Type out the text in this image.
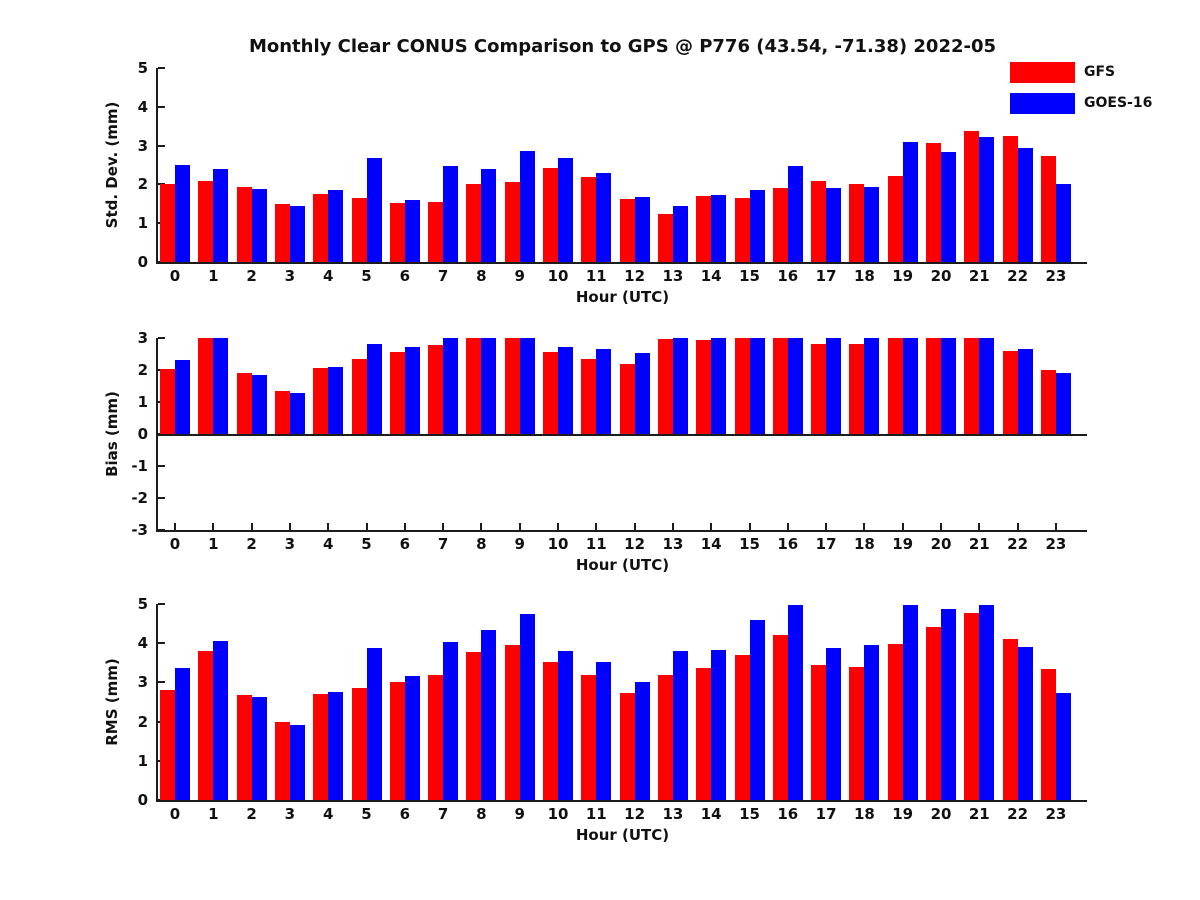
Monthly Clear CONUS Comparison to GPS @ P776 (43.54, -71.38) 2022-05
GFS
GOES-16
Std. Dev. (mm)
Bias (mm)
RMS (mm)
Hour (UTC)
0
1
2
3
4
5
0	1	2	3	4	5	6	7	8	9	10	11	12	13	14	15	16	17	18	19	20	21	22	23
Hour (UTC)
-3
-2
-1
0
1
2
3
0	1	2	3	4	5	6	7	8	9	10	11	12	13	14	15	16	17	18	19	20	21	22	23
Hour (UTC)
0
1
2
3
4
5
0	1	2	3	4	5	6	7	8	9	10	11	12	13	14	15	16	17	18	19	20	21	22	23
